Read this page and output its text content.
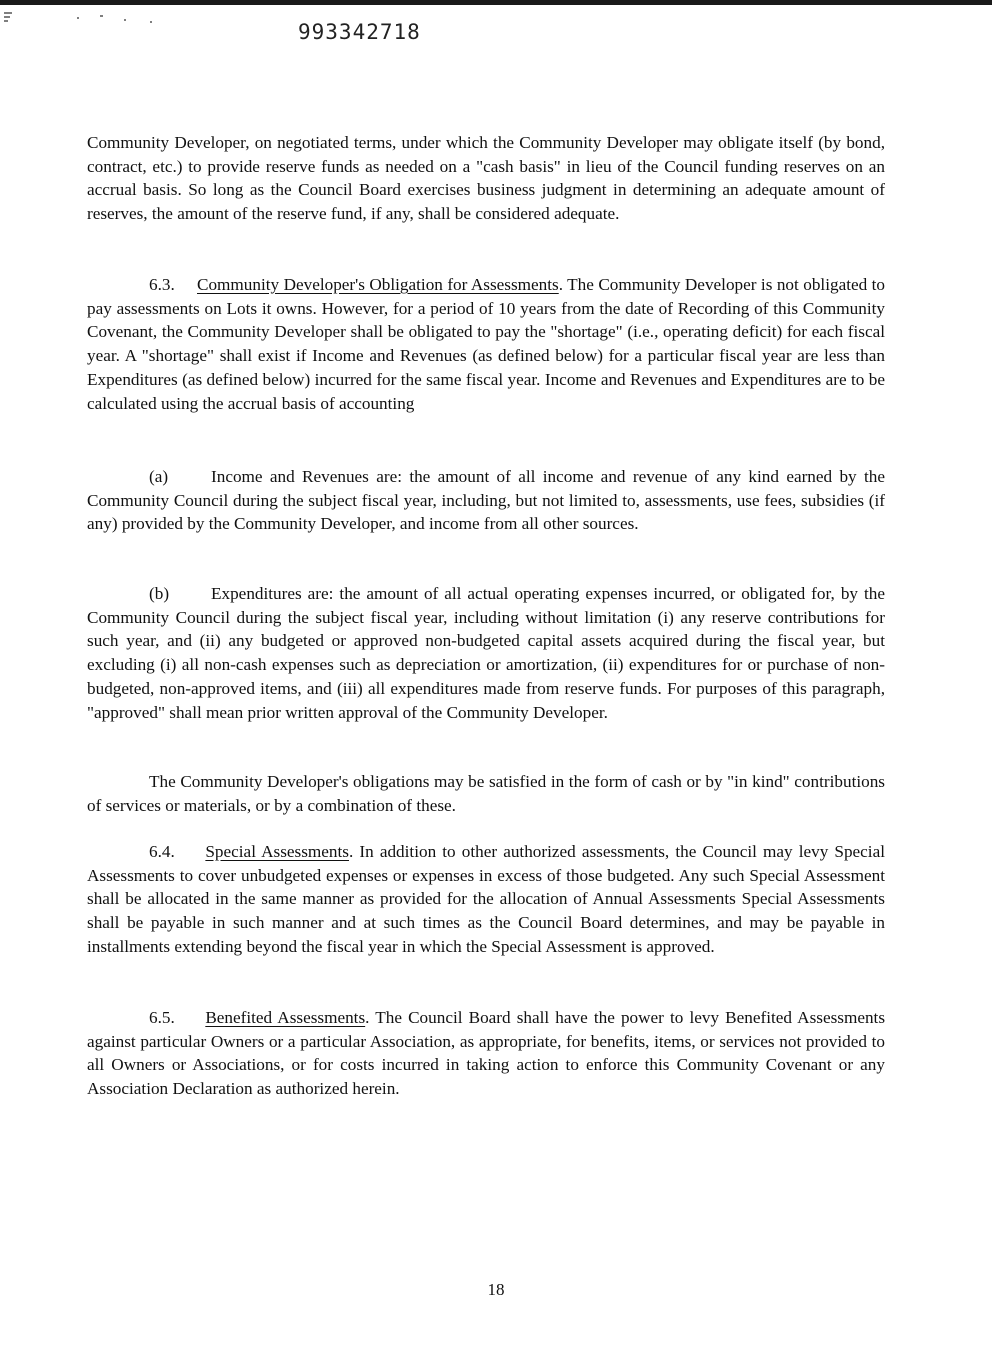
993342718

Community Developer, on negotiated terms, under which the Community Developer may obligate itself (by bond, contract, etc.) to provide reserve funds as needed on a "cash basis" in lieu of the Council funding reserves on an accrual basis. So long as the Council Board exercises business judgment in determining an adequate amount of reserves, the amount of the reserve fund, if any, shall be considered adequate.

6.3. Community Developer's Obligation for Assessments. The Community Developer is not obligated to pay assessments on Lots it owns. However, for a period of 10 years from the date of Recording of this Community Covenant, the Community Developer shall be obligated to pay the "shortage" (i.e., operating deficit) for each fiscal year. A "shortage" shall exist if Income and Revenues (as defined below) for a particular fiscal year are less than Expenditures (as defined below) incurred for the same fiscal year. Income and Revenues and Expenditures are to be calculated using the accrual basis of accounting

(a) Income and Revenues are: the amount of all income and revenue of any kind earned by the Community Council during the subject fiscal year, including, but not limited to, assessments, use fees, subsidies (if any) provided by the Community Developer, and income from all other sources.

(b) Expenditures are: the amount of all actual operating expenses incurred, or obligated for, by the Community Council during the subject fiscal year, including without limitation (i) any reserve contributions for such year, and (ii) any budgeted or approved non-budgeted capital assets acquired during the fiscal year, but excluding (i) all non-cash expenses such as depreciation or amortization, (ii) expenditures for or purchase of non-budgeted, non-approved items, and (iii) all expenditures made from reserve funds. For purposes of this paragraph, "approved" shall mean prior written approval of the Community Developer.

The Community Developer's obligations may be satisfied in the form of cash or by "in kind" contributions of services or materials, or by a combination of these.

6.4. Special Assessments. In addition to other authorized assessments, the Council may levy Special Assessments to cover unbudgeted expenses or expenses in excess of those budgeted. Any such Special Assessment shall be allocated in the same manner as provided for the allocation of Annual Assessments Special Assessments shall be payable in such manner and at such times as the Council Board determines, and may be payable in installments extending beyond the fiscal year in which the Special Assessment is approved.

6.5. Benefited Assessments. The Council Board shall have the power to levy Benefited Assessments against particular Owners or a particular Association, as appropriate, for benefits, items, or services not provided to all Owners or Associations, or for costs incurred in taking action to enforce this Community Covenant or any Association Declaration as authorized herein.

18
